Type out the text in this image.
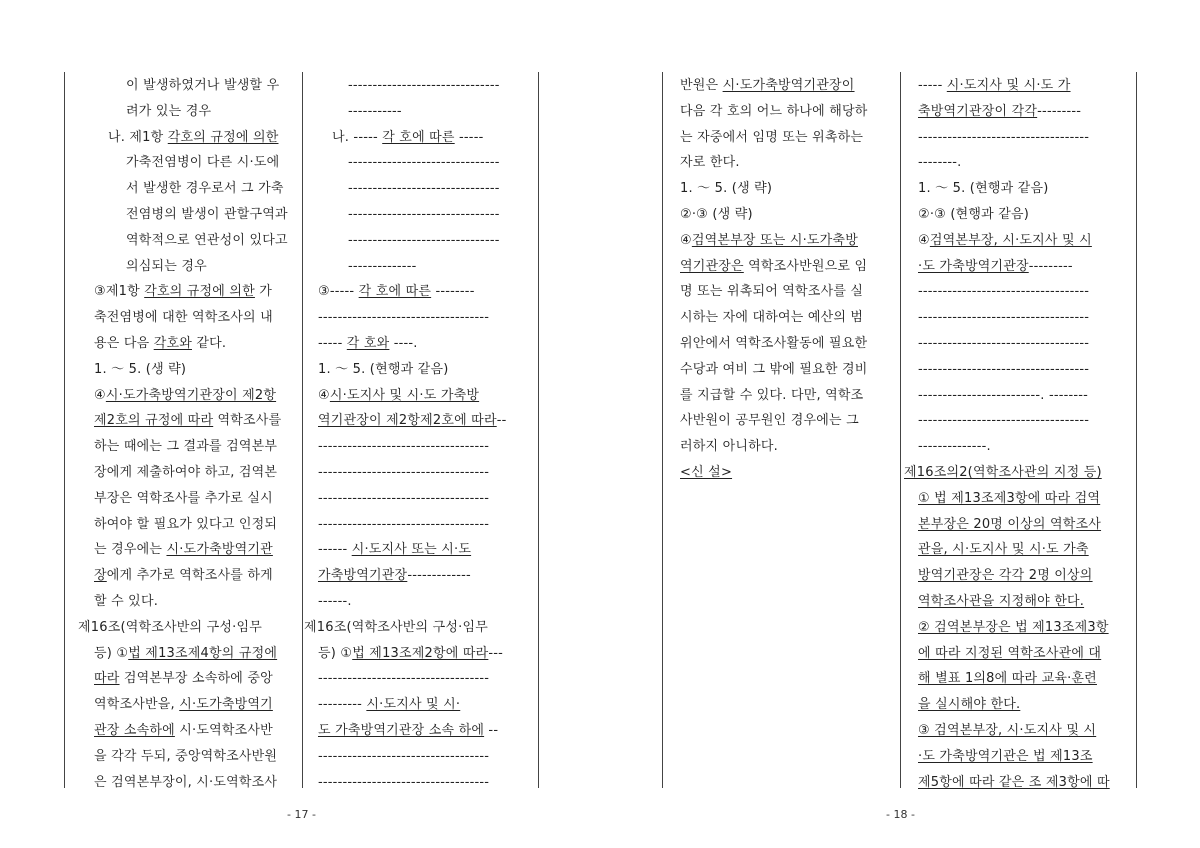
이 발생하였거나 발생할 우
려가 있는 경우
나. 제1항 각호의 규정에 의한
가축전염병이 다른 시·도에
서 발생한 경우로서 그 가축
전염병의 발생이 관할구역과
역학적으로 연관성이 있다고
의심되는 경우
③제1항 각호의 규정에 의한 가
축전염병에 대한 역학조사의 내
용은 다음 각호와 같다.
1. ～ 5. (생 략)
④시·도가축방역기관장이 제2항
제2호의 규정에 따라 역학조사를
하는 때에는 그 결과를 검역본부
장에게 제출하여야 하고, 검역본
부장은 역학조사를 추가로 실시
하여야 할 필요가 있다고 인정되
는 경우에는 시·도가축방역기관
장에게 추가로 역학조사를 하게
할 수 있다.
제16조(역학조사반의 구성·임무
등) ①법 제13조제4항의 규정에
따라 검역본부장 소속하에 중앙
역학조사반을, 시·도가축방역기
관장 소속하에 시·도역학조사반
을 각각 두되, 중앙역학조사반원
은 검역본부장이, 시·도역학조사
-------------------------------
-----------
나. ----- 각 호에 따른 -----
-------------------------------
-------------------------------
-------------------------------
-------------------------------
--------------
③----- 각 호에 따른 --------
-----------------------------------
----- 각 호와 ----.
1. ～ 5. (현행과 같음)
④시·도지사 및 시·도 가축방
역기관장이 제2항제2호에 따라--
-----------------------------------
-----------------------------------
-----------------------------------
-----------------------------------
------ 시·도지사 또는 시·도
가축방역기관장-------------
------.
제16조(역학조사반의 구성·임무
등) ①법 제13조제2항에 따라---
-----------------------------------
--------- 시·도지사 및 시·
도 가축방역기관장 소속 하에 --
-----------------------------------
-----------------------------------
- 17 -
반원은 시·도가축방역기관장이
다음 각 호의 어느 하나에 해당하
는 자중에서 임명 또는 위촉하는
자로 한다.
1. ～ 5. (생 략)
②·③ (생 략)
④검역본부장 또는 시·도가축방
역기관장은 역학조사반원으로 임
명 또는 위촉되어 역학조사를 실
시하는 자에 대하여는 예산의 범
위안에서 역학조사활동에 필요한
수당과 여비 그 밖에 필요한 경비
를 지급할 수 있다. 다만, 역학조
사반원이 공무원인 경우에는 그
러하지 아니하다.
<신 설>
----- 시·도지사 및 시·도 가
축방역기관장이 각각---------
-----------------------------------
--------.
1. ～ 5. (현행과 같음)
②·③ (현행과 같음)
④검역본부장, 시·도지사 및 시
·도 가축방역기관장---------
-----------------------------------
-----------------------------------
-----------------------------------
-----------------------------------
-------------------------. --------
-----------------------------------
--------------.
제16조의2(역학조사관의 지정 등)
① 법 제13조제3항에 따라 검역
본부장은 20명 이상의 역학조사
관을, 시·도지사 및 시·도 가축
방역기관장은 각각 2명 이상의
역학조사관을 지정해야 한다.
② 검역본부장은 법 제13조제3항
에 따라 지정된 역학조사관에 대
해 별표 1의8에 따라 교육·훈련
을 실시해야 한다.
③ 검역본부장, 시·도지사 및 시
·도 가축방역기관은 법 제13조
제5항에 따라 같은 조 제3항에 따
- 18 -
